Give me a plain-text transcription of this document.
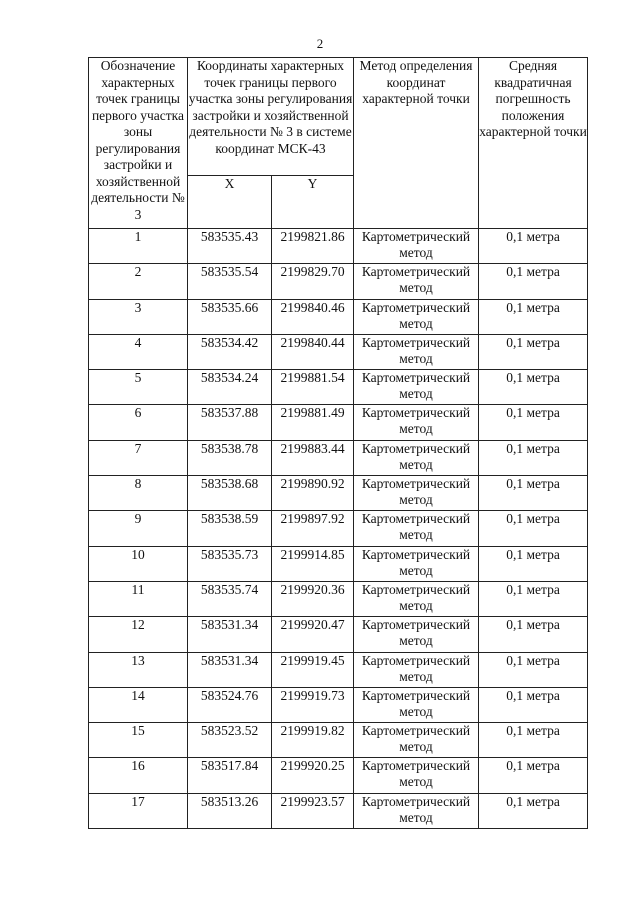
2
Обозначение характерных точек границы первого участка зоны регулирования застройки и хозяйственной деятельности № 3	Координаты характерных точек границы первого участка зоны регулирования застройки и хозяйственной деятельности № 3 в системе координат МСК-43		Метод определения координат характерной точки	Средняя квадратичная погрешность положения характерной точки
	X	Y		
1	583535.43	2199821.86	Картометрический метод	0,1 метра
2	583535.54	2199829.70	Картометрический метод	0,1 метра
3	583535.66	2199840.46	Картометрический метод	0,1 метра
4	583534.42	2199840.44	Картометрический метод	0,1 метра
5	583534.24	2199881.54	Картометрический метод	0,1 метра
6	583537.88	2199881.49	Картометрический метод	0,1 метра
7	583538.78	2199883.44	Картометрический метод	0,1 метра
8	583538.68	2199890.92	Картометрический метод	0,1 метра
9	583538.59	2199897.92	Картометрический метод	0,1 метра
10	583535.73	2199914.85	Картометрический метод	0,1 метра
11	583535.74	2199920.36	Картометрический метод	0,1 метра
12	583531.34	2199920.47	Картометрический метод	0,1 метра
13	583531.34	2199919.45	Картометрический метод	0,1 метра
14	583524.76	2199919.73	Картометрический метод	0,1 метра
15	583523.52	2199919.82	Картометрический метод	0,1 метра
16	583517.84	2199920.25	Картометрический метод	0,1 метра
17	583513.26	2199923.57	Картометрический метод	0,1 метра
